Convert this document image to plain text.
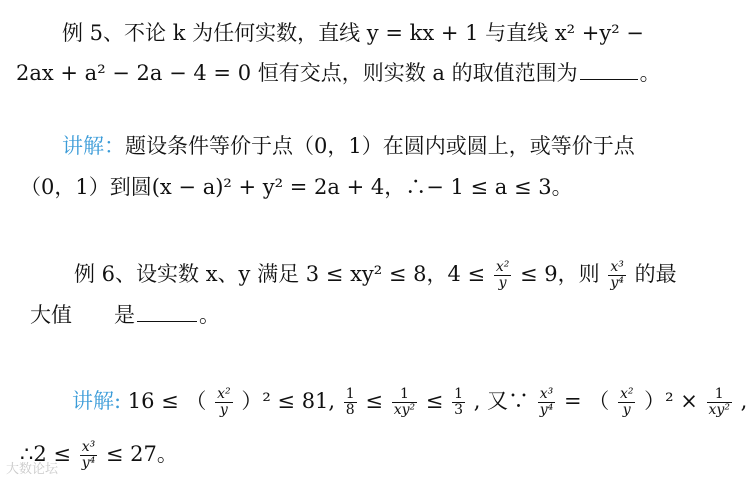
例 5、不论 k 为任何实数，直线 y = kx + 1 与直线 x² +y² −
2ax + a² − 2a − 4 = 0 恒有交点，则实数 a 的取值范围为	。
讲解：题设条件等价于点（0，1）在圆内或圆上，或等价于点
（0，1）到圆(x − a)² + y² = 2a + 4，∴− 1 ≤ a ≤ 3。
例 6、设实数 x、y 满足 3 ≤ xy² ≤ 8，$4 \le \frac{\text{x²}}{y} \le 9$，则 $\frac{\text{x³}}{\text{y⁴}}$ 的最
大值　　是	。
讲解: 16 ≤ （ $\frac{\text{x²}}{y} )^2 \le 81$, $\frac{1}{8} \le \frac{1}{\text{xy²}} \le \frac{1}{3}$ , 又∵ $\frac{\text{x³}}{\text{y⁴}}$ = （ $\frac{\text{x²}}{y} )^2 \times \frac{1}{\text{xy²}}$ ,
∴2 ≤ $\frac{\text{x³}}{\text{y⁴}} \le 27$。
大数论坛
